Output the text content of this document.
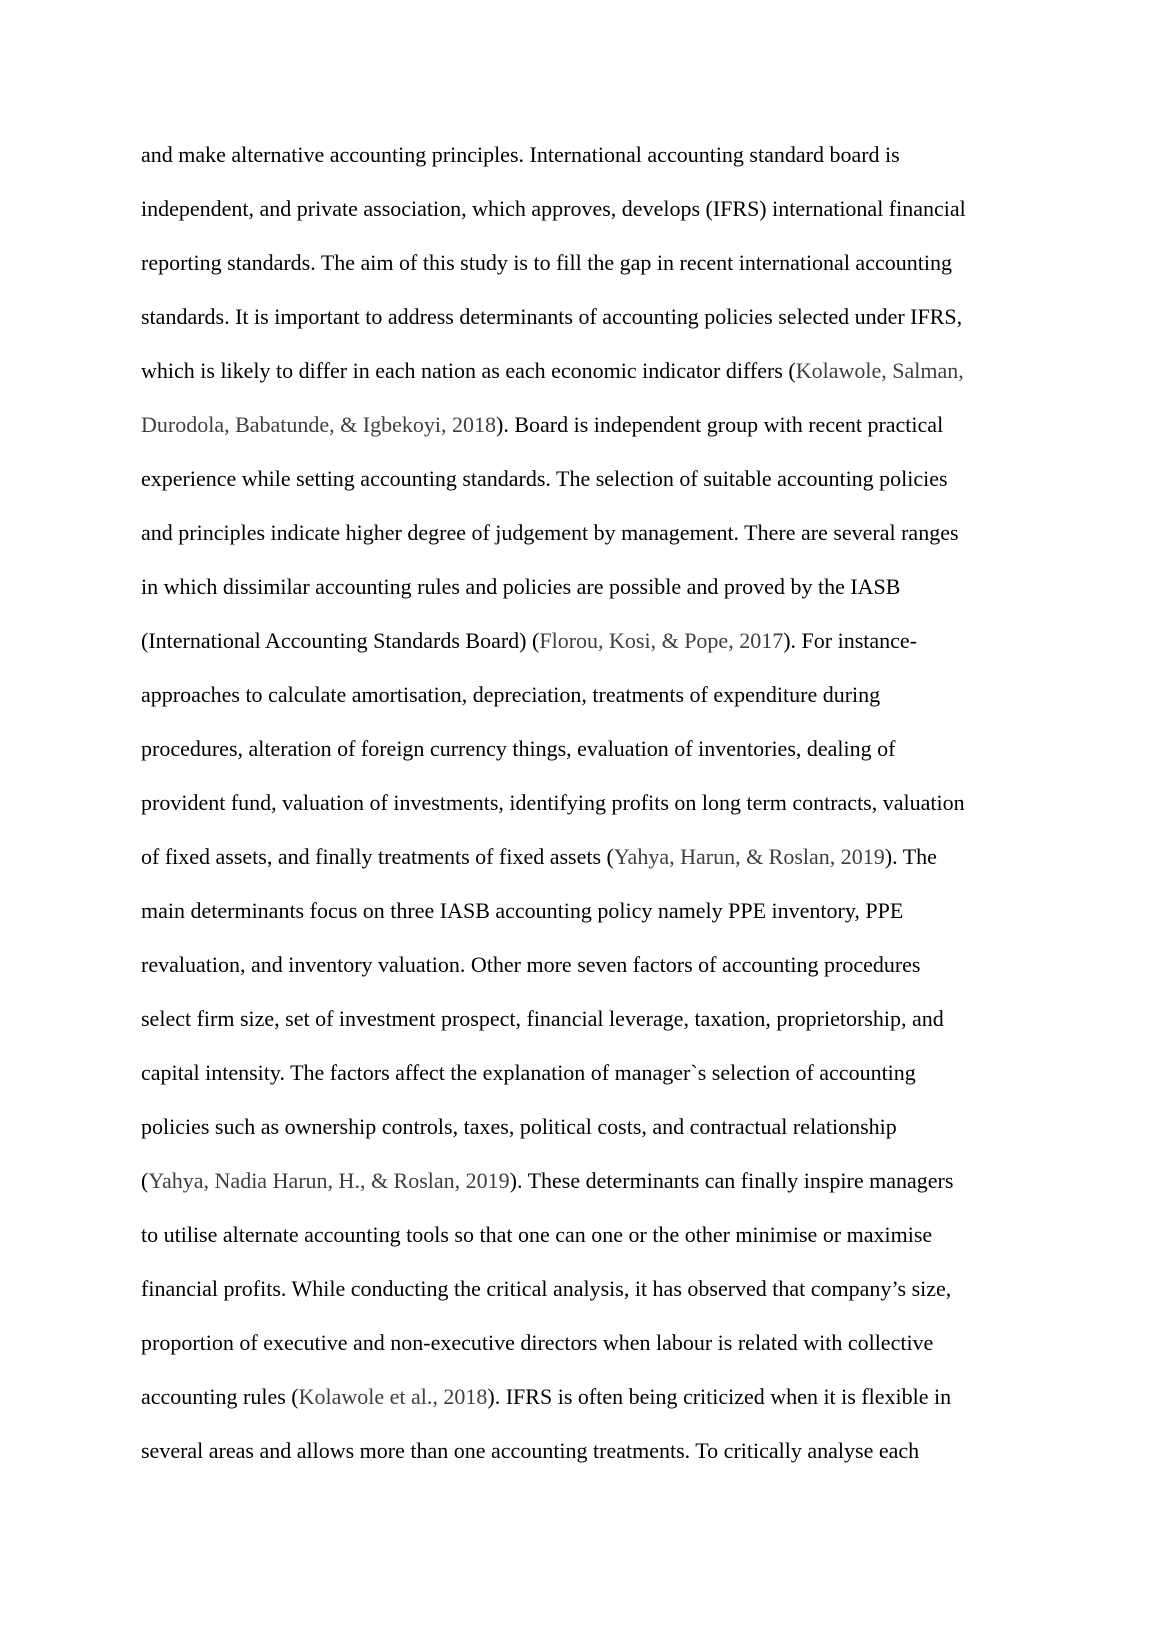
and make alternative accounting principles. International accounting standard board is
independent, and private association, which approves, develops (IFRS) international financial
reporting standards. The aim of this study is to fill the gap in recent international accounting
standards. It is important to address determinants of accounting policies selected under IFRS,
which is likely to differ in each nation as each economic indicator differs (Kolawole, Salman,
Durodola, Babatunde, & Igbekoyi, 2018). Board is independent group with recent practical
experience while setting accounting standards. The selection of suitable accounting policies
and principles indicate higher degree of judgement by management. There are several ranges
in which dissimilar accounting rules and policies are possible and proved by the IASB
(International Accounting Standards Board) (Florou, Kosi, & Pope, 2017). For instance-
approaches to calculate amortisation, depreciation, treatments of expenditure during
procedures, alteration of foreign currency things, evaluation of inventories, dealing of
provident fund, valuation of investments, identifying profits on long term contracts, valuation
of fixed assets, and finally treatments of fixed assets (Yahya, Harun, & Roslan, 2019). The
main determinants focus on three IASB accounting policy namely PPE inventory, PPE
revaluation, and inventory valuation. Other more seven factors of accounting procedures
select firm size, set of investment prospect, financial leverage, taxation, proprietorship, and
capital intensity. The factors affect the explanation of manager`s selection of accounting
policies such as ownership controls, taxes, political costs, and contractual relationship
(Yahya, Nadia Harun, H., & Roslan, 2019). These determinants can finally inspire managers
to utilise alternate accounting tools so that one can one or the other minimise or maximise
financial profits. While conducting the critical analysis, it has observed that company’s size,
proportion of executive and non-executive directors when labour is related with collective
accounting rules (Kolawole et al., 2018). IFRS is often being criticized when it is flexible in
several areas and allows more than one accounting treatments. To critically analyse each
